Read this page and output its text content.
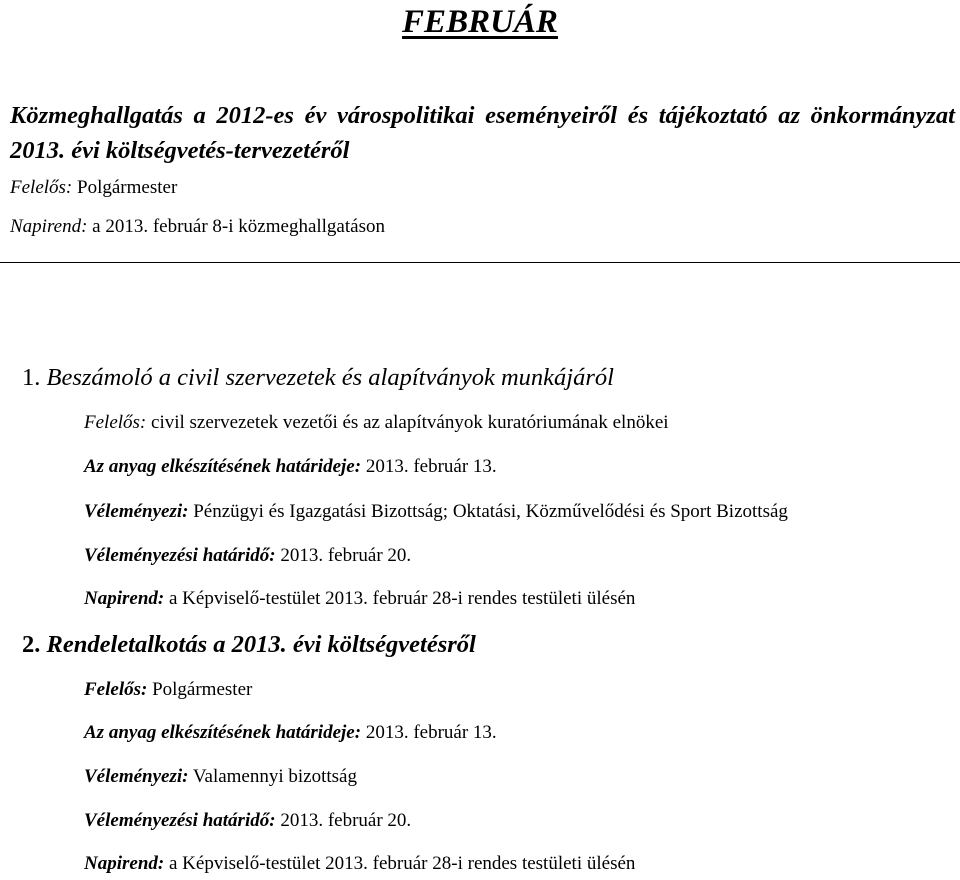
FEBRUÁR

Közmeghallgatás a 2012-es év várospolitikai eseményeiről és tájékoztató az önkormányzat 2013. évi költségvetés-tervezetéről

Felelős: Polgármester
Napirend: a 2013. február 8-i közmeghallgatáson
1. Beszámoló a civil szervezetek és alapítványok munkájáról
Felelős: civil szervezetek vezetői és az alapítványok kuratóriumának elnökei
Az anyag elkészítésének határideje: 2013. február 13.
Véleményezi: Pénzügyi és Igazgatási Bizottság; Oktatási, Közművelődési és Sport Bizottság
Véleményezési határidő: 2013. február 20.
Napirend: a Képviselő-testület 2013. február 28-i rendes testületi ülésén
2. Rendeletalkotás a 2013. évi költségvetésről
Felelős: Polgármester
Az anyag elkészítésének határideje: 2013. február 13.
Véleményezi: Valamennyi bizottság
Véleményezési határidő: 2013. február 20.
Napirend: a Képviselő-testület 2013. február 28-i rendes testületi ülésén
